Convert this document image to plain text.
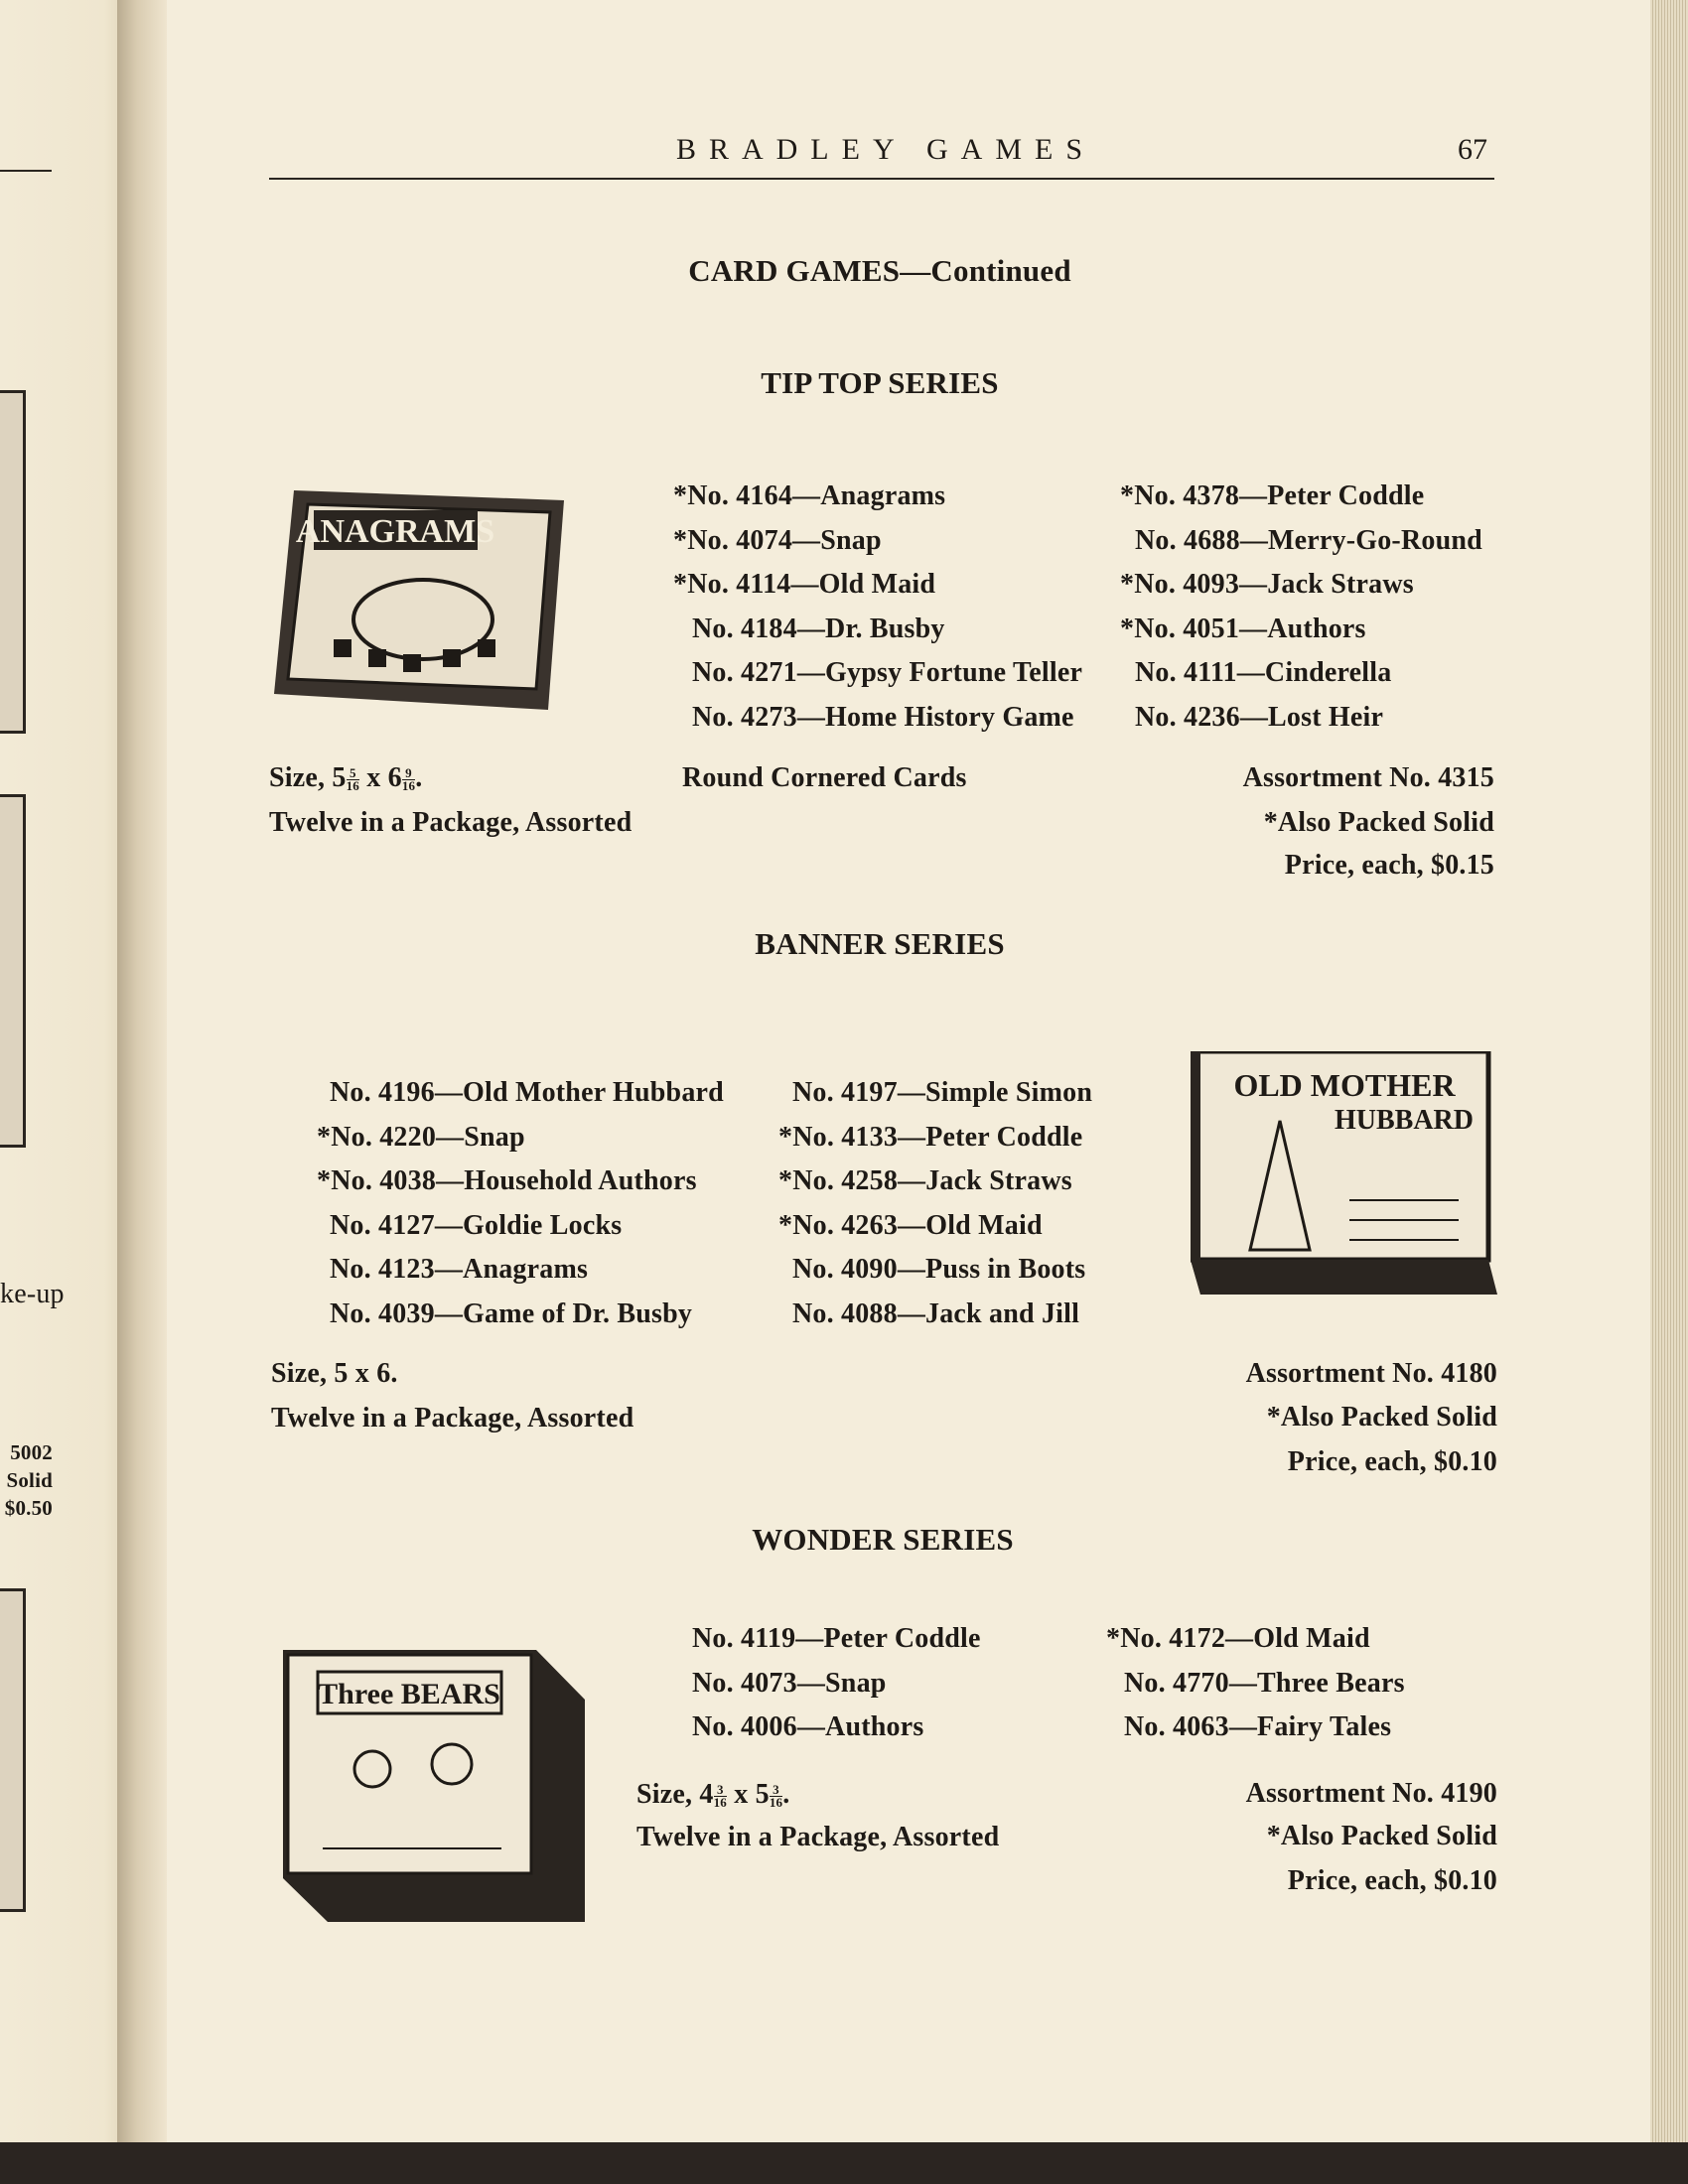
ke-up
5002
Solid
$0.50
BRADLEY GAMES	67
CARD GAMES—Continued
TIP TOP SERIES
ANAGRAMS
Size, $5 \frac{5}{16}$ x $6 \frac{9}{16}$ .
Twelve in a Package, Assorted
Round Cornered Cards	Assortment No. 4315
*Also Packed Solid
Price, each, $0.15
BANNER SERIES
OLD MOTHER
HUBBARD
Size, 5 x 6.
Twelve in a Package, Assorted
Assortment No. 4180
*Also Packed Solid
Price, each, $0.10
WONDER SERIES
Three BEARS
Size, $4 \frac{3}{16}$ x $5 \frac{3}{16}$ .
Twelve in a Package, Assorted
Assortment No. 4190
*Also Packed Solid
Price, each, $0.10
*No. 4164—Anagrams
*No. 4074—Snap
*No. 4114—Old Maid
No. 4184—Dr. Busby
No. 4271—Gypsy Fortune Teller
No. 4273—Home History Game
*No. 4378—Peter Coddle
No. 4688—Merry-Go-Round
*No. 4093—Jack Straws
*No. 4051—Authors
No. 4111—Cinderella
No. 4236—Lost Heir
No. 4196—Old Mother Hubbard
*No. 4220—Snap
*No. 4038—Household Authors
No. 4127—Goldie Locks
No. 4123—Anagrams
No. 4039—Game of Dr. Busby
No. 4197—Simple Simon
*No. 4133—Peter Coddle
*No. 4258—Jack Straws
*No. 4263—Old Maid
No. 4090—Puss in Boots
No. 4088—Jack and Jill
No. 4119—Peter Coddle
No. 4073—Snap
No. 4006—Authors
*No. 4172—Old Maid
No. 4770—Three Bears
No. 4063—Fairy Tales
